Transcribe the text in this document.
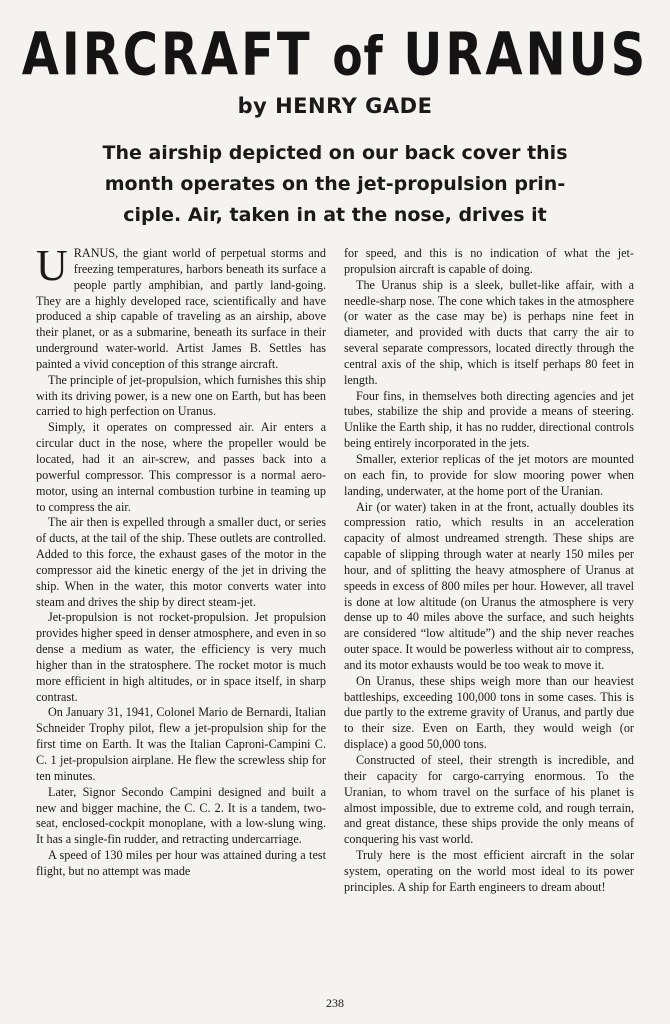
AIRCRAFT of URANUS
by HENRY GADE
The airship depicted on our back cover this
month operates on the jet-propulsion prin-
ciple. Air, taken in at the nose, drives it

URANUS, the giant world of perpetual storms and freezing temperatures, harbors beneath its surface a people partly amphibian, and partly land-going. They are a highly developed race, scientifically and have produced a ship capable of traveling as an airship, above their planet, or as a submarine, beneath its surface in their underground water-world. Artist James B. Settles has painted a vivid conception of this strange aircraft.

The principle of jet-propulsion, which furnishes this ship with its driving power, is a new one on Earth, but has been carried to high perfection on Uranus.

Simply, it operates on compressed air. Air enters a circular duct in the nose, where the propeller would be located, had it an air-screw, and passes back into a powerful compressor. This compressor is a normal aero-motor, using an internal combustion turbine in teaming up to compress the air.

The air then is expelled through a smaller duct, or series of ducts, at the tail of the ship. These outlets are controlled. Added to this force, the exhaust gases of the motor in the compressor aid the kinetic energy of the jet in driving the ship. When in the water, this motor converts water into steam and drives the ship by direct steam-jet.

Jet-propulsion is not rocket-propulsion. Jet propulsion provides higher speed in denser atmosphere, and even in so dense a medium as water, the efficiency is very much higher than in the stratosphere. The rocket motor is much more efficient in high altitudes, or in space itself, in sharp contrast.

On January 31, 1941, Colonel Mario de Bernardi, Italian Schneider Trophy pilot, flew a jet-propulsion ship for the first time on Earth. It was the Italian Caproni-Campini C. C. 1 jet-propulsion airplane. He flew the screwless ship for ten minutes.

Later, Signor Secondo Campini designed and built a new and bigger machine, the C. C. 2. It is a tandem, two-seat, enclosed-cockpit monoplane, with a low-slung wing. It has a single-fin rudder, and retracting undercarriage.

A speed of 130 miles per hour was attained during a test flight, but no attempt was made

for speed, and this is no indication of what the jet-propulsion aircraft is capable of doing.

The Uranus ship is a sleek, bullet-like affair, with a needle-sharp nose. The cone which takes in the atmosphere (or water as the case may be) is perhaps nine feet in diameter, and provided with ducts that carry the air to several separate compressors, located directly through the central axis of the ship, which is itself perhaps 80 feet in length.

Four fins, in themselves both directing agencies and jet tubes, stabilize the ship and provide a means of steering. Unlike the Earth ship, it has no rudder, directional controls being entirely incorporated in the jets.

Smaller, exterior replicas of the jet motors are mounted on each fin, to provide for slow mooring power when landing, underwater, at the home port of the Uranian.

Air (or water) taken in at the front, actually doubles its compression ratio, which results in an acceleration capacity of almost undreamed strength. These ships are capable of slipping through water at nearly 150 miles per hour, and of splitting the heavy atmosphere of Uranus at speeds in excess of 800 miles per hour. However, all travel is done at low altitude (on Uranus the atmosphere is very dense up to 40 miles above the surface, and such heights are considered “low altitude”) and the ship never reaches outer space. It would be powerless without air to compress, and its motor exhausts would be too weak to move it.

On Uranus, these ships weigh more than our heaviest battleships, exceeding 100,000 tons in some cases. This is due partly to the extreme gravity of Uranus, and partly due to their size. Even on Earth, they would weigh (or displace) a good 50,000 tons.

Constructed of steel, their strength is incredible, and their capacity for cargo-carrying enormous. To the Uranian, to whom travel on the surface of his planet is almost impossible, due to extreme cold, and rough terrain, and great distance, these ships provide the only means of conquering his vast world.

Truly here is the most efficient aircraft in the solar system, operating on the world most ideal to its power principles. A ship for Earth engineers to dream about!

238
